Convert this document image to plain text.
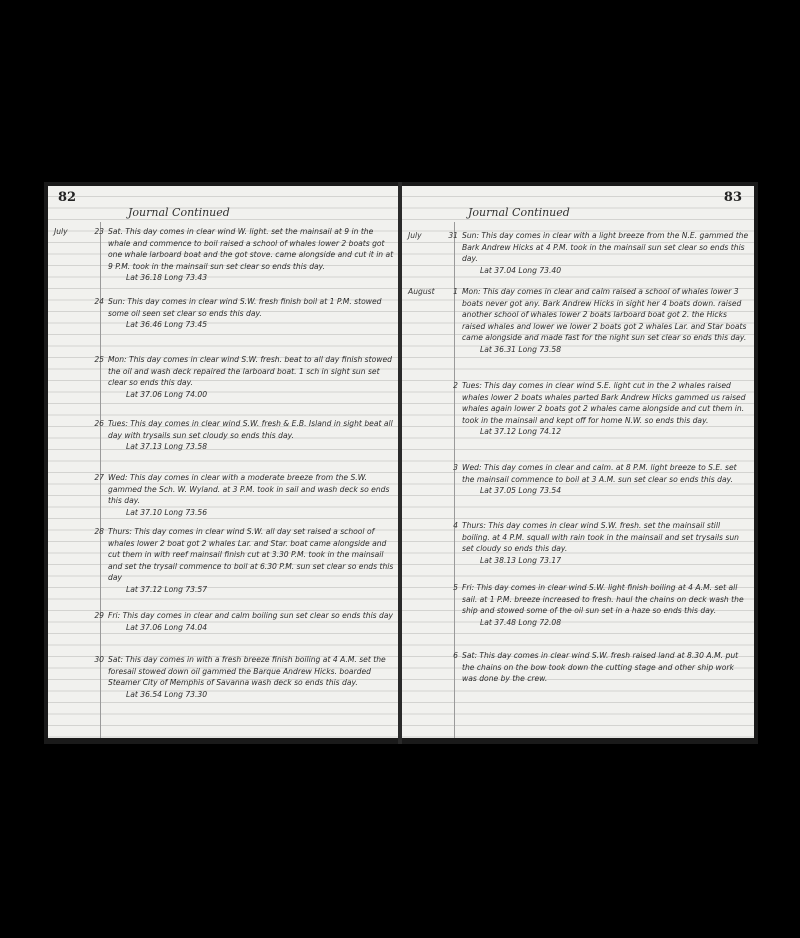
82
Journal Continued
July	23 Sat. This day comes in clear wind W. light. set the mainsail at 9 in the whale and commence to boil raised a school of whales lower 2 boats got one whale larboard boat and the got stove. came alongside and cut it in at 9 P.M. took in the mainsail sun set clear so ends this day.
Lat 36.18 Long 73.43
24 Sun: This day comes in clear wind S.W. fresh finish boil at 1 P.M. stowed some oil seen set clear so ends this day.
Lat 36.46 Long 73.45
25 Mon: This day comes in clear wind S.W. fresh. beat to all day finish stowed the oil and wash deck repaired the larboard boat. 1 sch in sight sun set clear so ends this day.
Lat 37.06 Long 74.00
26 Tues: This day comes in clear wind S.W. fresh & E.B. Island in sight beat all day with trysails sun set cloudy so ends this day.
Lat 37.13 Long 73.58
27 Wed: This day comes in clear with a moderate breeze from the S.W. gammed the Sch. W. Wyland. at 3 P.M. took in sail and wash deck so ends this day.
Lat 37.10 Long 73.56
28 Thurs: This day comes in clear wind S.W. all day set raised a school of whales lower 2 boat got 2 whales Lar. and Star. boat came alongside and cut them in with reef mainsail finish cut at 3.30 P.M. took in the mainsail and set the trysail commence to boil at 6.30 P.M. sun set clear so ends this day
Lat 37.12 Long 73.57
29 Fri: This day comes in clear and calm boiling sun set clear so ends this day
Lat 37.06 Long 74.04
30 Sat: This day comes in with a fresh breeze finish boiling at 4 A.M. set the foresail stowed down oil gammed the Barque Andrew Hicks. boarded Steamer City of Memphis of Savanna wash deck so ends this day.
Lat 36.54 Long 73.30
83
Journal Continued
July	31 Sun: This day comes in clear with a light breeze from the N.E. gammed the Bark Andrew Hicks at 4 P.M. took in the mainsail sun set clear so ends this day.
Lat 37.04 Long 73.40
August	1 Mon: This day comes in clear and calm raised a school of whales lower 3 boats never got any. Bark Andrew Hicks in sight her 4 boats down. raised another school of whales lower 2 boats larboard boat got 2. the Hicks raised whales and lower we lower 2 boats got 2 whales Lar. and Star boats came alongside and made fast for the night sun set clear so ends this day.
Lat 36.31 Long 73.58
2 Tues: This day comes in clear wind S.E. light cut in the 2 whales raised whales lower 2 boats whales parted Bark Andrew Hicks gammed us raised whales again lower 2 boats got 2 whales came alongside and cut them in. took in the mainsail and kept off for home N.W. so ends this day.
Lat 37.12 Long 74.12
3 Wed: This day comes in clear and calm. at 8 P.M. light breeze to S.E. set the mainsail commence to boil at 3 A.M. sun set clear so ends this day.
Lat 37.05 Long 73.54
4 Thurs: This day comes in clear wind S.W. fresh. set the mainsail still boiling. at 4 P.M. squall with rain took in the mainsail and set trysails sun set cloudy so ends this day.
Lat 38.13 Long 73.17
5 Fri: This day comes in clear wind S.W. light finish boiling at 4 A.M. set all sail. at 1 P.M. breeze increased to fresh. haul the chains on deck wash the ship and stowed some of the oil sun set in a haze so ends this day.
Lat 37.48 Long 72.08
6 Sat: This day comes in clear wind S.W. fresh raised land at 8.30 A.M. put the chains on the bow took down the cutting stage and other ship work was done by the crew.
